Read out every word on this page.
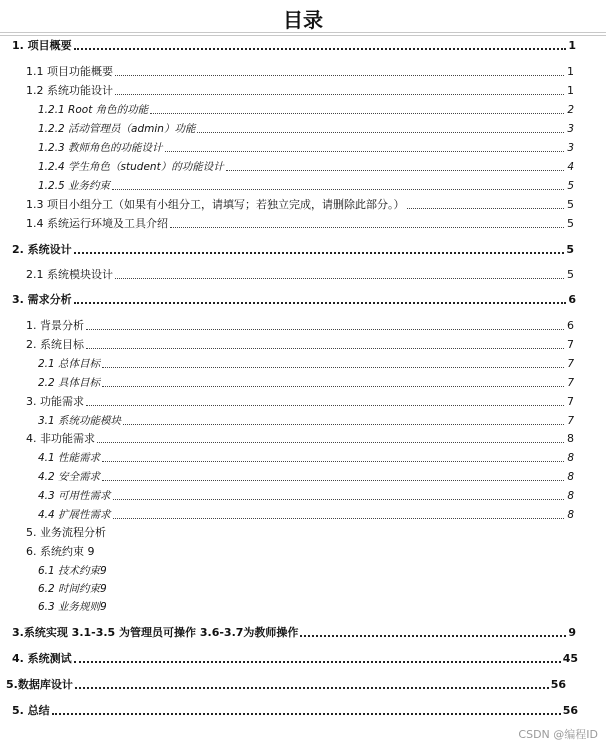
目录
1. 项目概要	1
1.1 项目功能概要	1
1.2 系统功能设计	1
1.2.1 Root 角色的功能	2
1.2.2 活动管理员（admin）功能	3
1.2.3 教师角色的功能设计	3
1.2.4 学生角色（student）的功能设计	4
1.2.5 业务约束	5
1.3 项目小组分工（如果有小组分工，请填写；若独立完成，请删除此部分。）	5
1.4 系统运行环境及工具介绍	5
2. 系统设计	5
2.1 系统模块设计	5
3. 需求分析	6
1. 背景分析	6
2. 系统目标	7
2.1 总体目标	7
2.2 具体目标	7
3. 功能需求	7
3.1 系统功能模块	7
4. 非功能需求	8
4.1 性能需求	8
4.2 安全需求	8
4.3 可用性需求	8
4.4 扩展性需求	8
5. 业务流程分析
6. 系统约束 9
6.1 技术约束9
6.2 时间约束9
6.3 业务规则9
3.系统实现 3.1-3.5 为管理员可操作 3.6-3.7为教师操作	9
4. 系统测试	45
5.数据库设计	56
5. 总结	56
CSDN @编程ID
